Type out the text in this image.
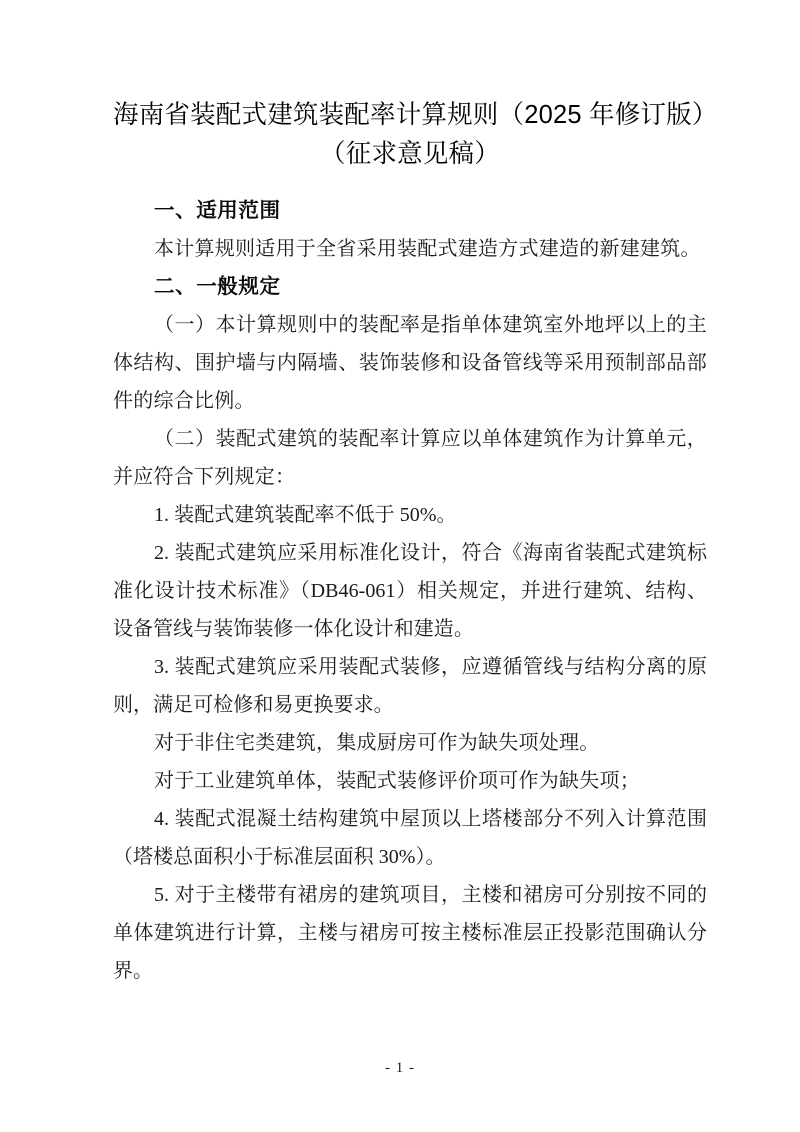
海南省装配式建筑装配率计算规则（2025 年修订版）
（征求意见稿）
一、适用范围

本计算规则适用于全省采用装配式建造方式建造的新建建筑。

二、一般规定

（一）本计算规则中的装配率是指单体建筑室外地坪以上的主体结构、围护墙与内隔墙、装饰装修和设备管线等采用预制部品部件的综合比例。

（二）装配式建筑的装配率计算应以单体建筑作为计算单元，并应符合下列规定：

1. 装配式建筑装配率不低于 50%。

2. 装配式建筑应采用标准化设计，符合《海南省装配式建筑标准化设计技术标准》（DB46-061）相关规定，并进行建筑、结构、设备管线与装饰装修一体化设计和建造。

3. 装配式建筑应采用装配式装修，应遵循管线与结构分离的原则，满足可检修和易更换要求。

对于非住宅类建筑，集成厨房可作为缺失项处理。

对于工业建筑单体，装配式装修评价项可作为缺失项；

4. 装配式混凝土结构建筑中屋顶以上塔楼部分不列入计算范围（塔楼总面积小于标准层面积 30%）。

5. 对于主楼带有裙房的建筑项目，主楼和裙房可分别按不同的单体建筑进行计算，主楼与裙房可按主楼标准层正投影范围确认分界。

- 1 -
